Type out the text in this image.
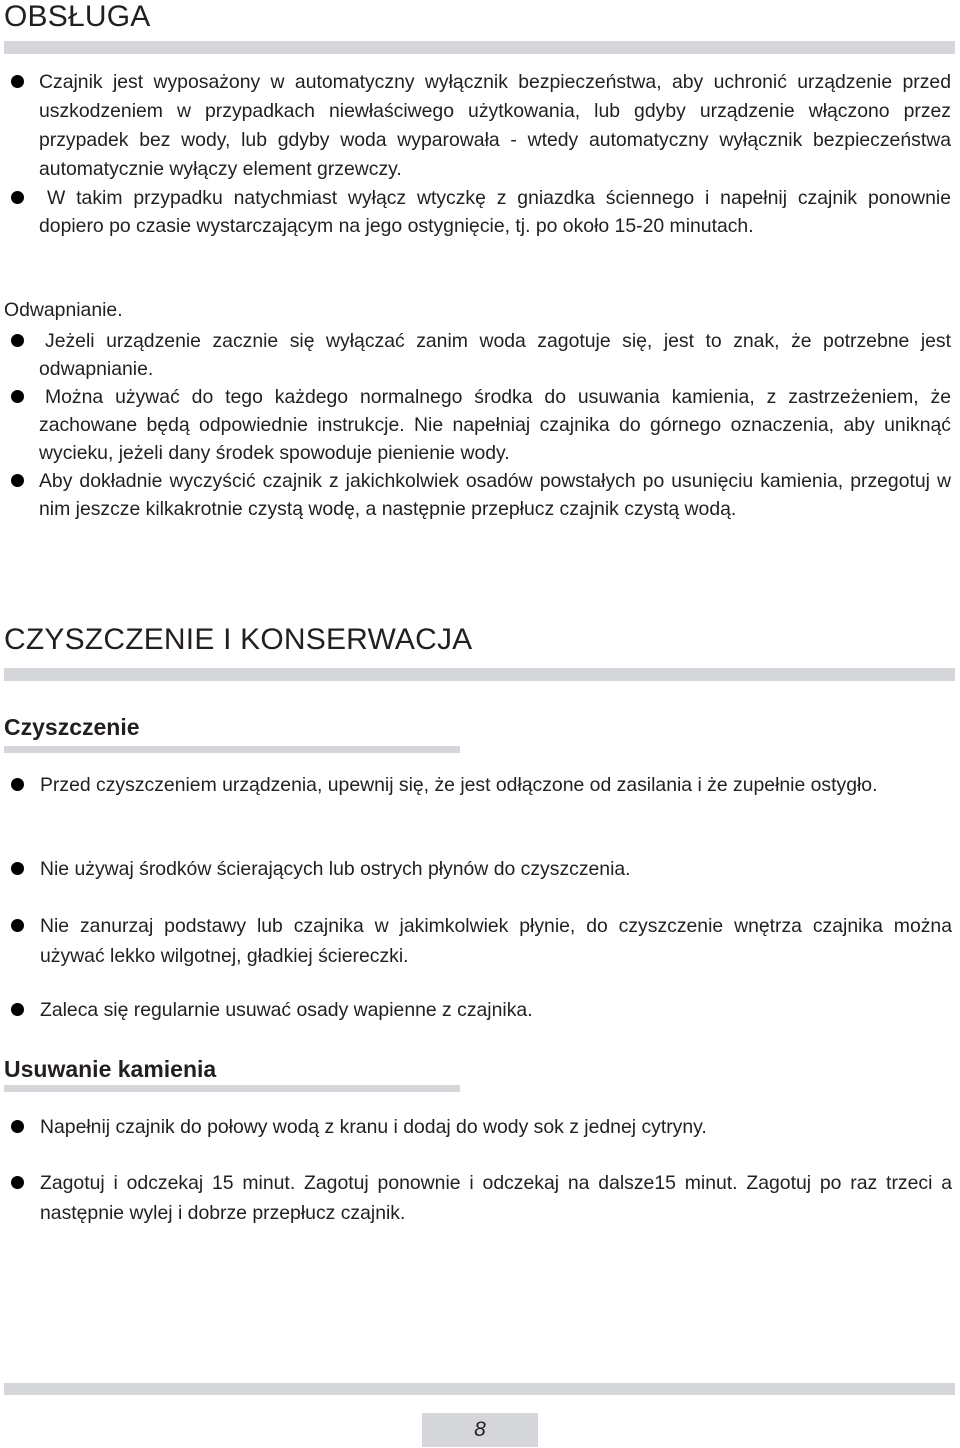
OBSŁUGA
Czajnik jest wyposażony w automatyczny wyłącznik bezpieczeństwa, aby uchronić urządzenie przed uszkodzeniem w przypadkach niewłaściwego użytkowania, lub gdyby urządzenie włączono przez przypadek bez wody, lub gdyby woda wyparowała - wtedy automatyczny wyłącznik bezpieczeństwa automatycznie wyłączy element grzewczy.
W takim przypadku natychmiast wyłącz wtyczkę z gniazdka ściennego i napełnij czajnik ponownie dopiero po czasie wystarczającym na jego ostygnięcie, tj. po około 15-20 minutach.
Odwapnianie.
Jeżeli urządzenie zacznie się wyłączać zanim woda zagotuje się, jest to znak, że potrzebne jest odwapnianie.
Można używać do tego każdego normalnego środka do usuwania kamienia, z zastrzeżeniem, że zachowane będą odpowiednie instrukcje. Nie napełniaj czajnika do górnego oznaczenia, aby uniknąć wycieku, jeżeli dany środek spowoduje pienienie wody.
Aby dokładnie wyczyścić czajnik z jakichkolwiek osadów powstałych po usunięciu kamienia, przegotuj w nim jeszcze kilkakrotnie czystą wodę, a następnie przepłucz czajnik czystą wodą.
CZYSZCZENIE I KONSERWACJA
Czyszczenie
Przed czyszczeniem urządzenia, upewnij się, że jest odłączone od zasilania i że zupełnie ostygło.
Nie używaj środków ścierających lub ostrych płynów do czyszczenia.
Nie zanurzaj podstawy lub czajnika w jakimkolwiek płynie, do czyszczenie wnętrza czajnika można używać lekko wilgotnej, gładkiej ściereczki.
Zaleca się regularnie usuwać osady wapienne z czajnika.
Usuwanie kamienia
Napełnij czajnik do połowy wodą z kranu i dodaj do wody sok z jednej cytryny.
Zagotuj i odczekaj 15 minut. Zagotuj ponownie i odczekaj na dalsze15 minut. Zagotuj po raz trzeci a następnie wylej i dobrze przepłucz czajnik.
8
